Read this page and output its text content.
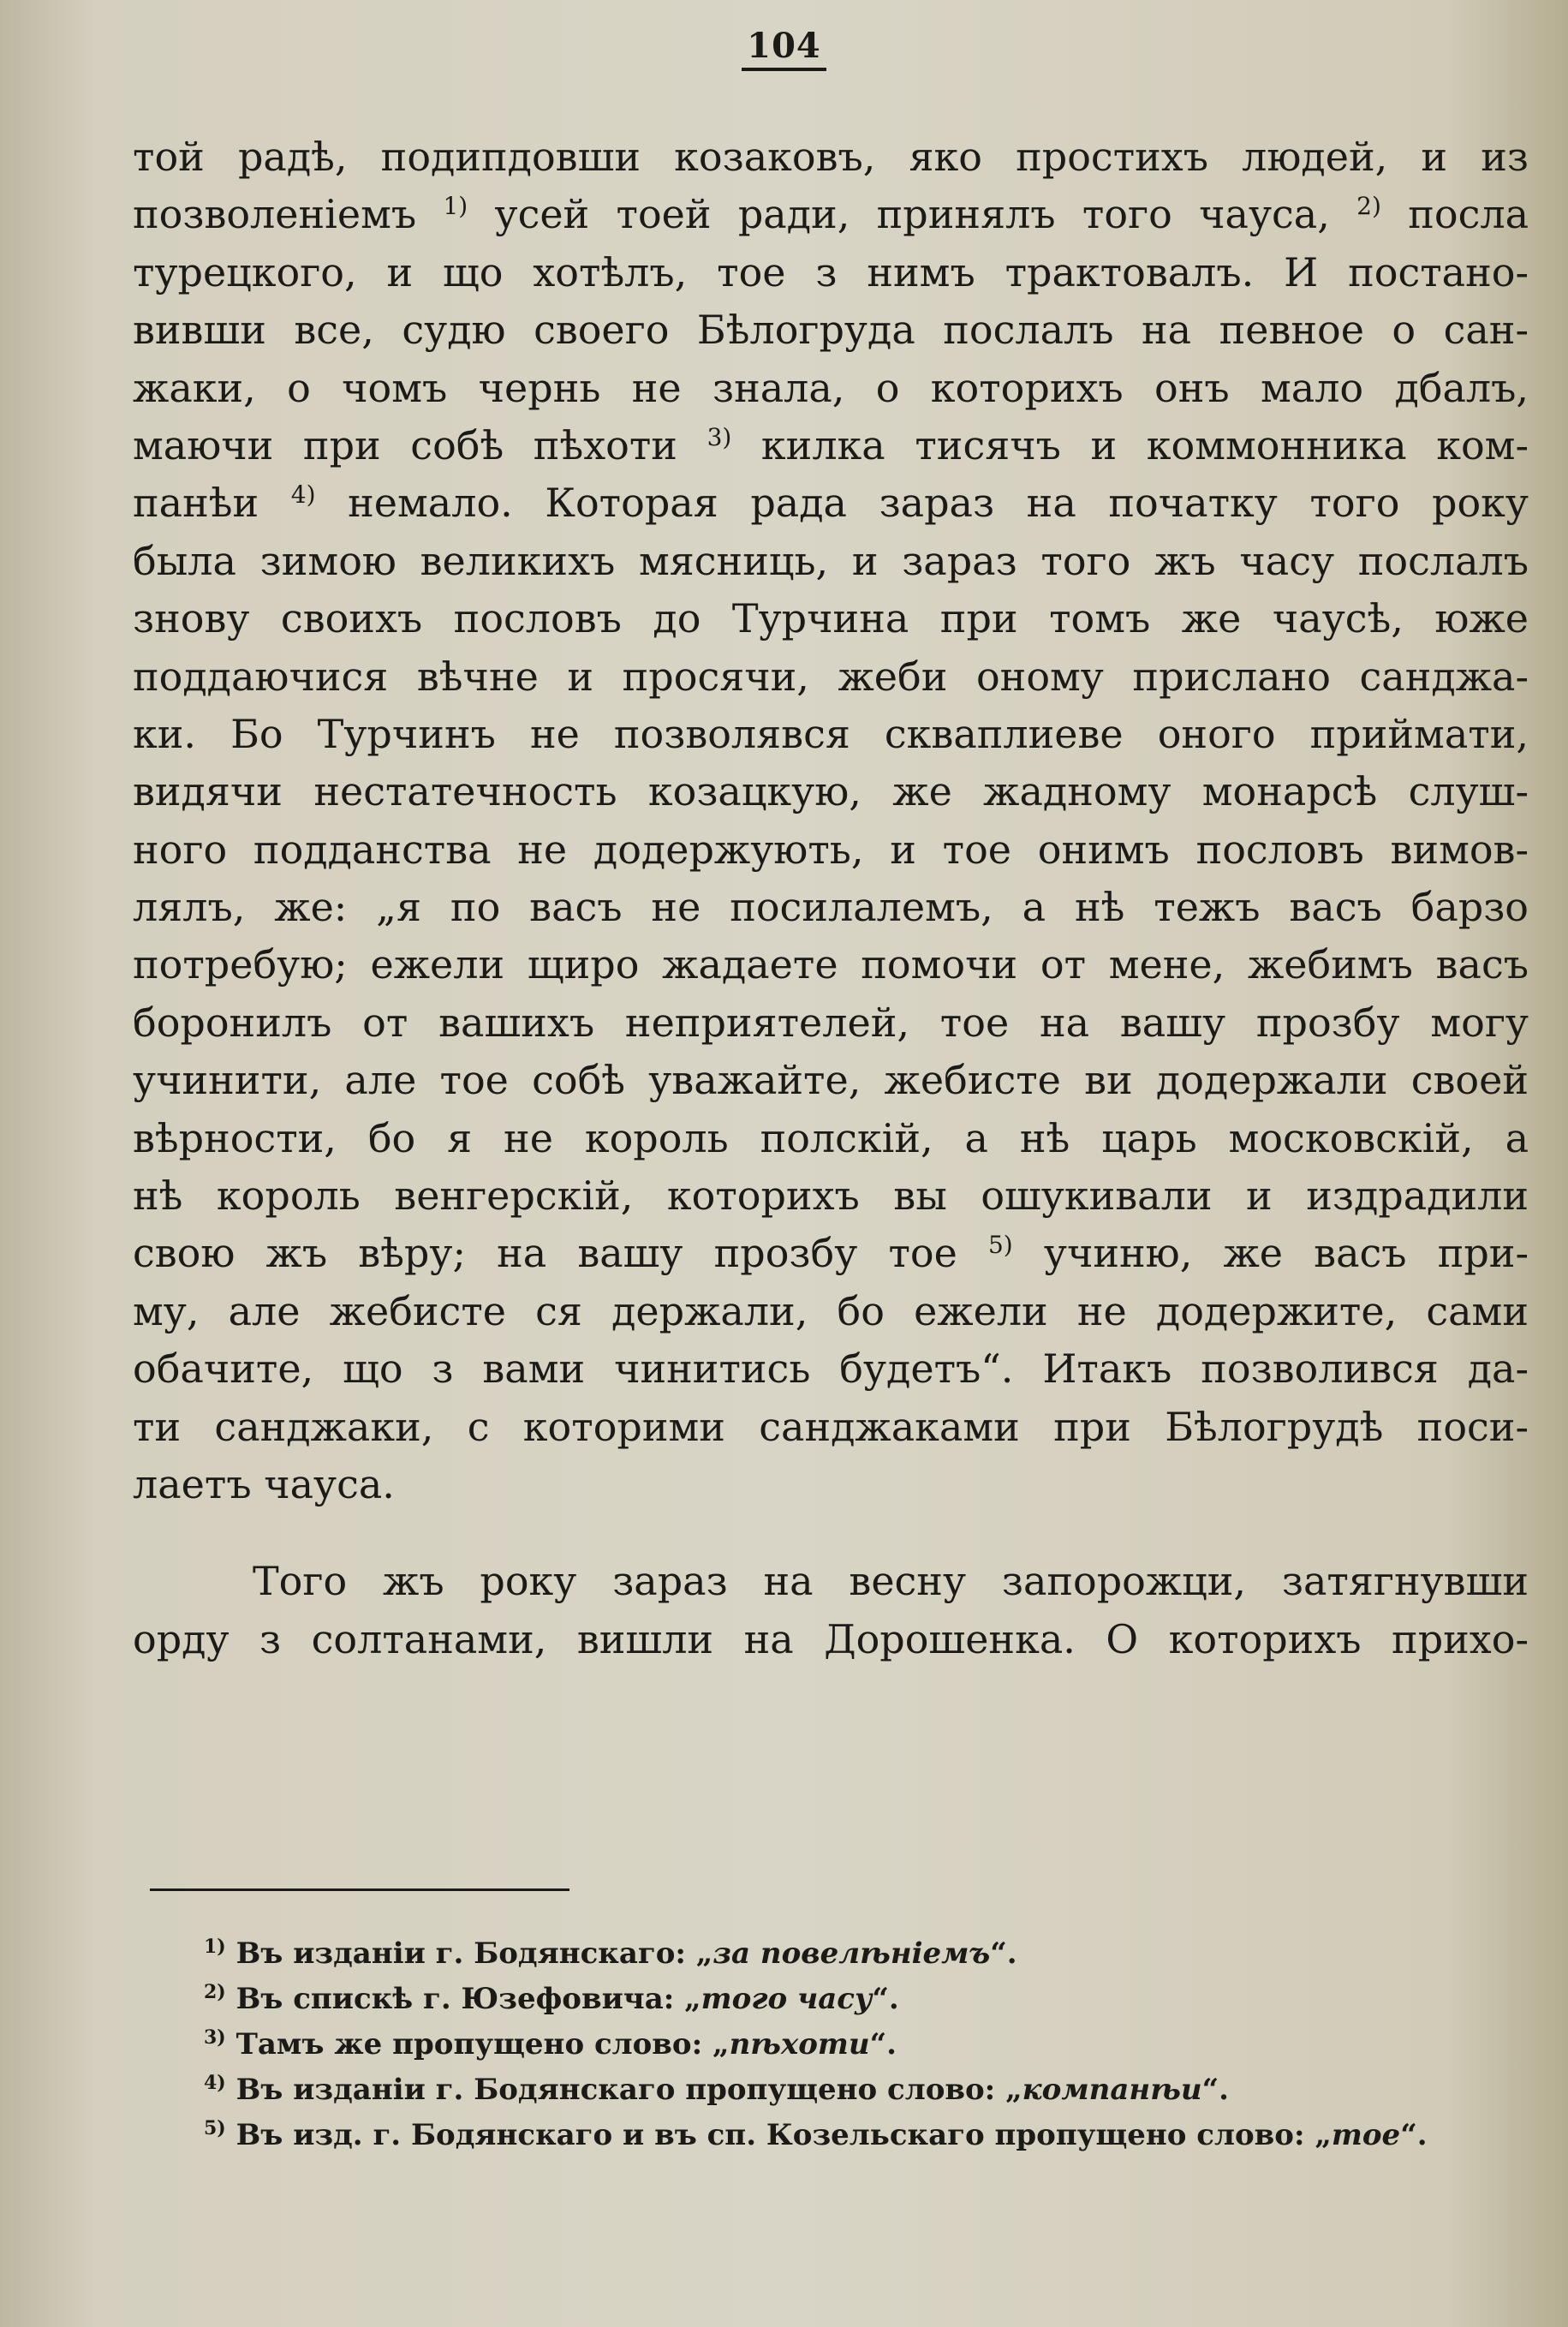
104
той радѣ, подипдовши козаковъ, яко простихъ людей, и из
позволеніемъ $^{1)}$ усей тоей ради, принялъ того чауса, $^{2)}$ посла
турецкого, и що хотѣлъ, тое з нимъ трактовалъ. И постано-
вивши все, судю своего Бѣлогруда послалъ на певное о сан-
жаки, о чомъ чернь не знала, о которихъ онъ мало дбалъ,
маючи при собѣ пѣхоти $^{3)}$ килка тисячъ и коммонника ком-
панѣи $^{4)}$ немало. Которая рада зараз на початку того року
была зимою великихъ мясниць, и зараз того жъ часу послалъ
знову своихъ пословъ до Турчина при томъ же чаусѣ, юже
поддаючися вѣчне и просячи, жеби оному прислано санджа-
ки. Бо Турчинъ не позволявся скваплиеве оного приймати,
видячи нестатечность козацкую, же жадному монарсѣ слуш-
ного подданства не додержують, и тое онимъ пословъ вимов-
лялъ, же: „я по васъ не посилалемъ, а нѣ тежъ васъ барзо
потребую; ежели щиро жадаете помочи от мене, жебимъ васъ
боронилъ от вашихъ неприятелей, тое на вашу прозбу могу
учинити, але тое собѣ уважайте, жебисте ви додержали своей
вѣрности, бо я не король полскій, а нѣ царь московскій, а
нѣ король венгерскій, которихъ вы ошукивали и издрадили
свою жъ вѣру; на вашу прозбу тое $^{5)}$ учиню, же васъ при-
му, але жебисте ся держали, бо ежели не додержите, сами
обачите, що з вами чинитись будетъ“. Итакъ позволився да-
ти санджаки, с которими санджаками при Бѣлогрудѣ поси-
лаетъ чауса.
Того жъ року зараз на весну запорожци, затягнувши
орду з солтанами, вишли на Дорошенка. О которихъ прихо-
$^{1)}$ Въ изданіи г. Бодянскаго: „за повелѣніемъ“.
$^{2)}$ Въ спискѣ г. Юзефовича: „того часу“.
$^{3)}$ Тамъ же пропущено слово: „пѣхоти“.
$^{4)}$ Въ изданіи г. Бодянскаго пропущено слово: „компанѣи“.
$^{5)}$ Въ изд. г. Бодянскаго и въ сп. Козельскаго пропущено слово: „тое“.
